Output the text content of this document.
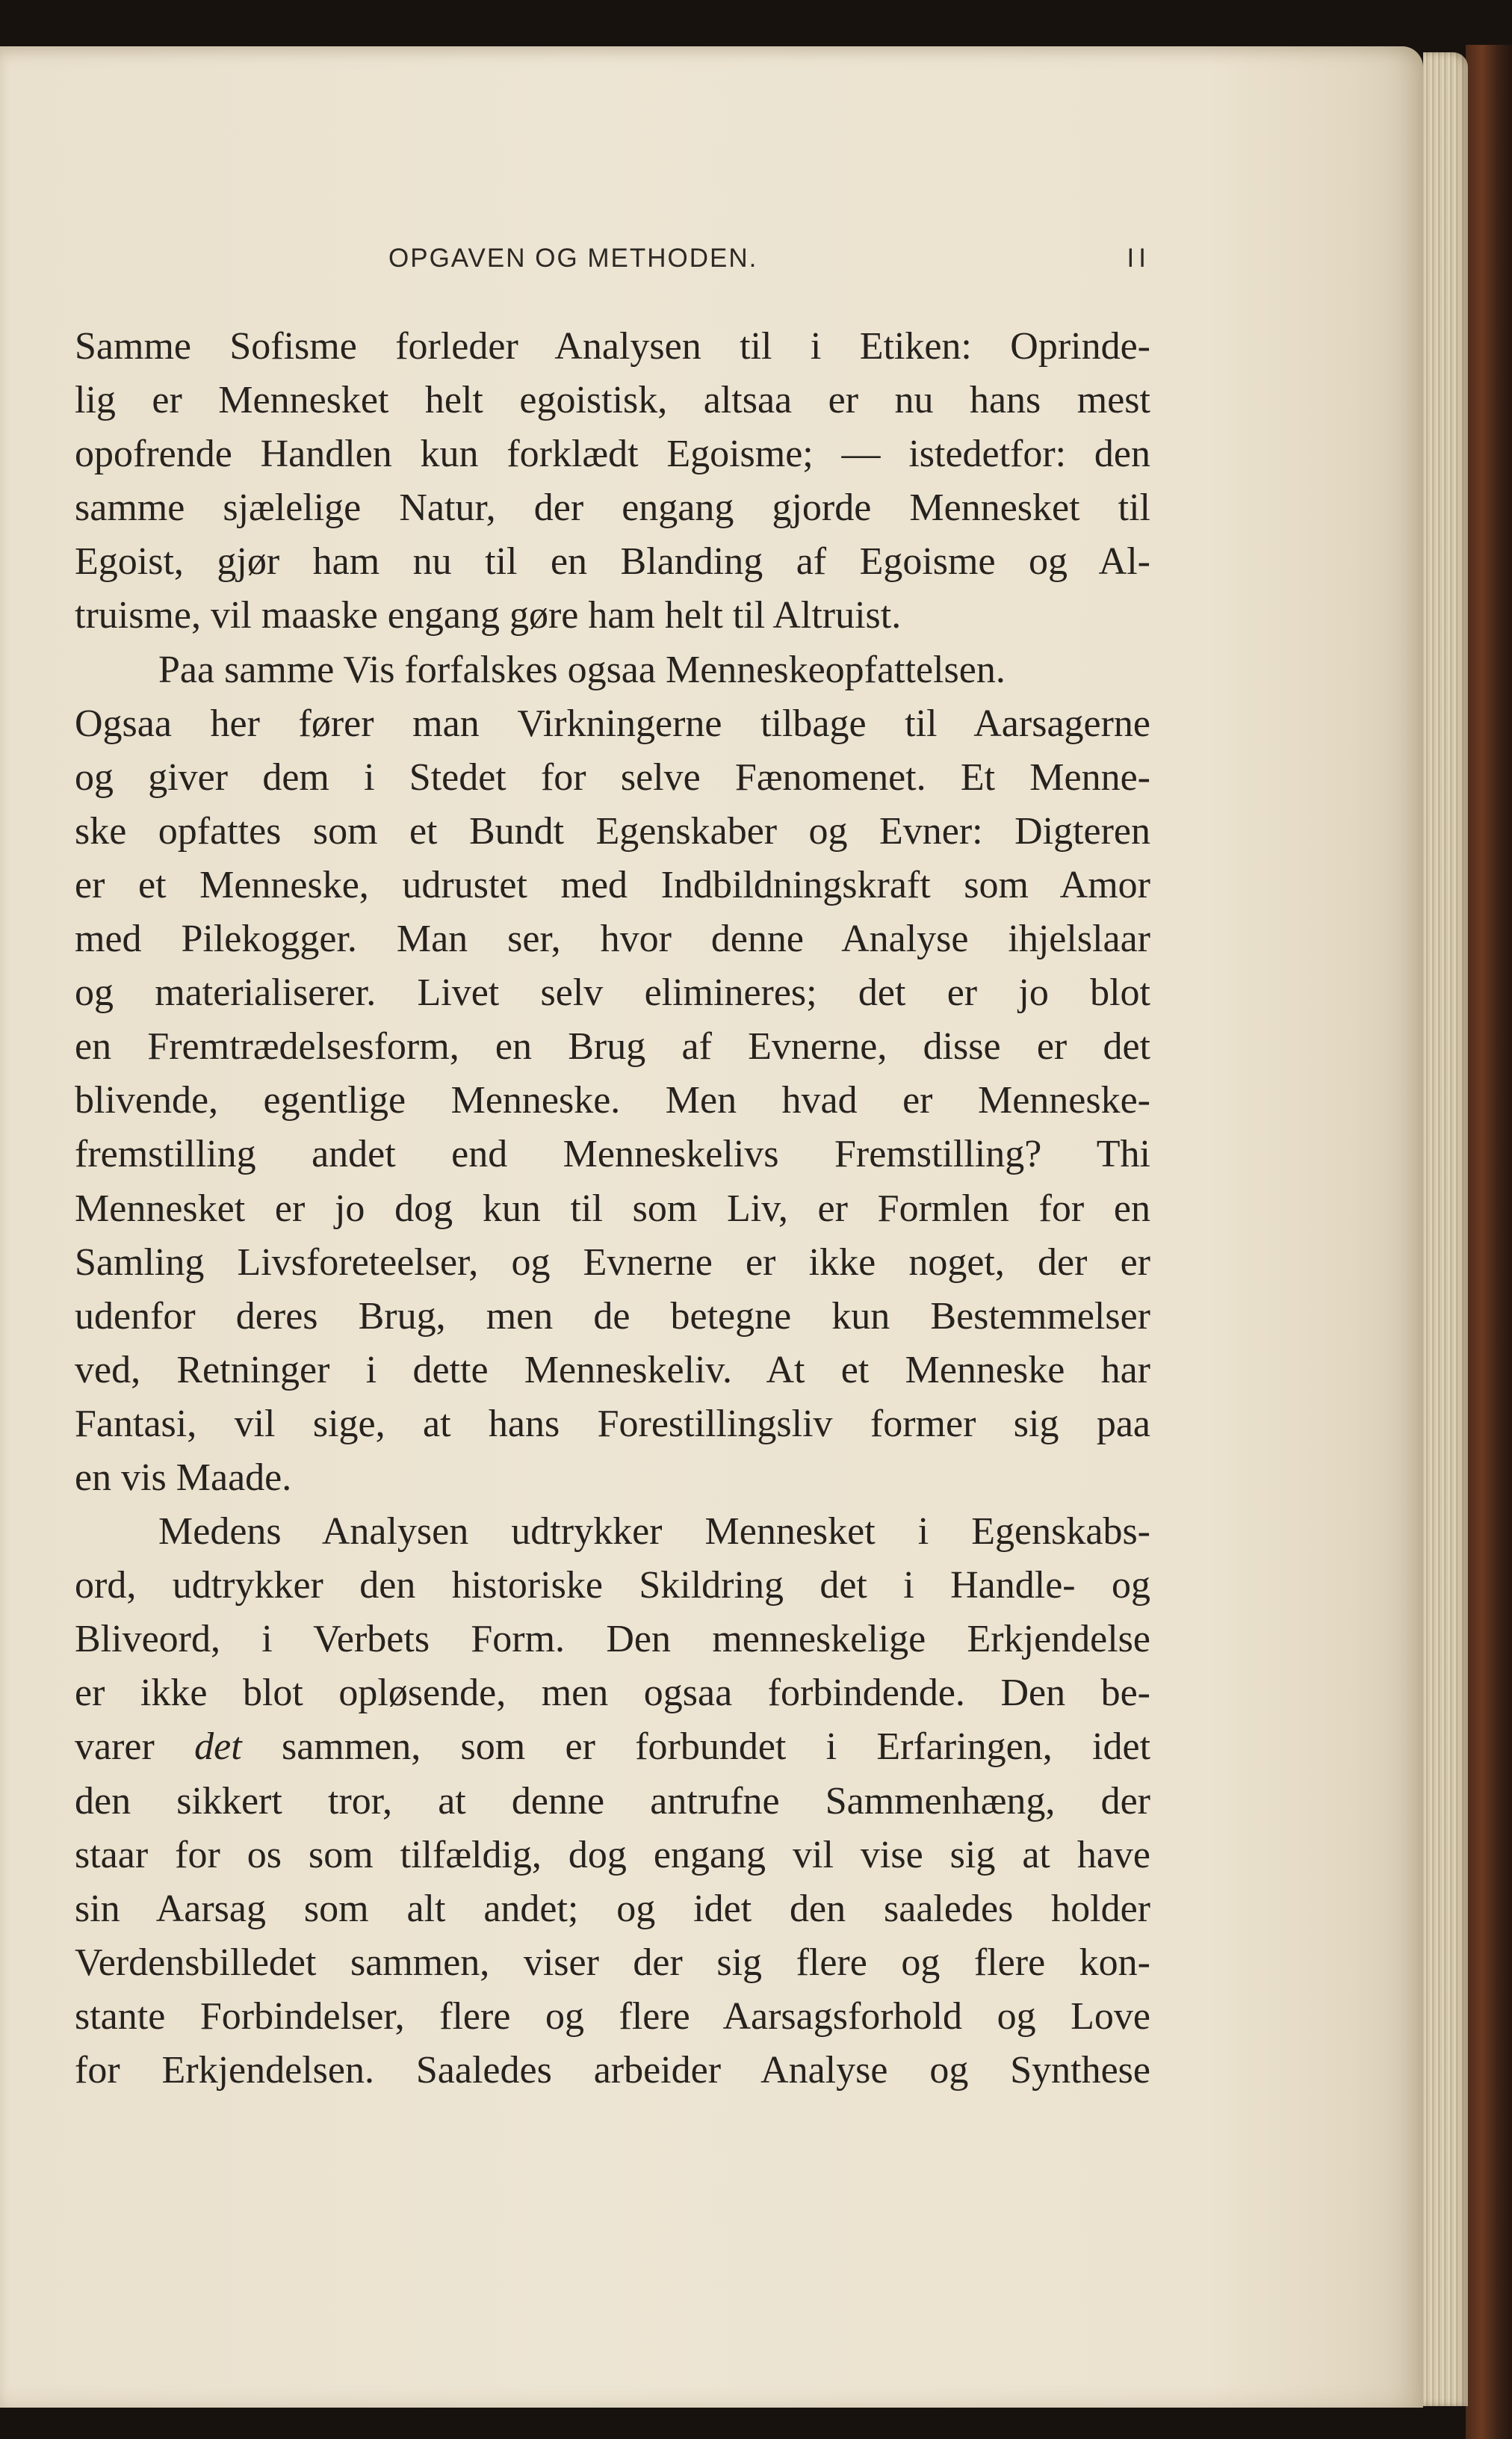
OPGAVEN OG METHODEN.	II
Samme Sofisme forleder Analysen til i Etiken: Oprinde-
lig er Mennesket helt egoistisk, altsaa er nu hans mest
opofrende Handlen kun forklædt Egoisme; — istedetfor: den
samme sjælelige Natur, der engang gjorde Mennesket til
Egoist, gjør ham nu til en Blanding af Egoisme og Al-
truisme, vil maaske engang gøre ham helt til Altruist.
Paa samme Vis forfalskes ogsaa Menneskeopfattelsen.
Ogsaa her fører man Virkningerne tilbage til Aarsagerne
og giver dem i Stedet for selve Fænomenet. Et Menne-
ske opfattes som et Bundt Egenskaber og Evner: Digteren
er et Menneske, udrustet med Indbildningskraft som Amor
med Pilekogger. Man ser, hvor denne Analyse ihjelslaar
og materialiserer. Livet selv elimineres; det er jo blot
en Fremtrædelsesform, en Brug af Evnerne, disse er det
blivende, egentlige Menneske. Men hvad er Menneske-
fremstilling andet end Menneskelivs Fremstilling? Thi
Mennesket er jo dog kun til som Liv, er Formlen for en
Samling Livsforeteelser, og Evnerne er ikke noget, der er
udenfor deres Brug, men de betegne kun Bestemmelser
ved, Retninger i dette Menneskeliv. At et Menneske har
Fantasi, vil sige, at hans Forestillingsliv former sig paa
en vis Maade.
Medens Analysen udtrykker Mennesket i Egenskabs-
ord, udtrykker den historiske Skildring det i Handle- og
Bliveord, i Verbets Form. Den menneskelige Erkjendelse
er ikke blot opløsende, men ogsaa forbindende. Den be-
varer det sammen, som er forbundet i Erfaringen, idet
den sikkert tror, at denne antrufne Sammenhæng, der
staar for os som tilfældig, dog engang vil vise sig at have
sin Aarsag som alt andet; og idet den saaledes holder
Verdensbilledet sammen, viser der sig flere og flere kon-
stante Forbindelser, flere og flere Aarsagsforhold og Love
for Erkjendelsen. Saaledes arbeider Analyse og Synthese
